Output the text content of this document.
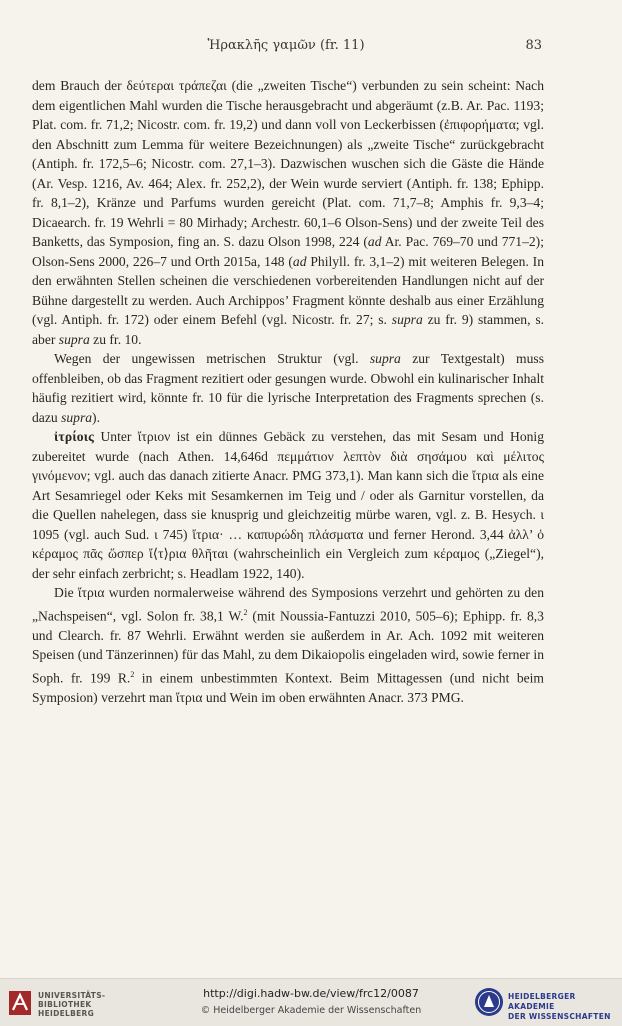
Ἡρακλῆς γαμῶν (fr. 11)	83

dem Brauch der δεύτεραι τράπεζαι (die „zweiten Tische“) verbunden zu sein scheint: Nach dem eigentlichen Mahl wurden die Tische herausgebracht und abgeräumt (z.B. Ar. Pac. 1193; Plat. com. fr. 71,2; Nicostr. com. fr. 19,2) und dann voll von Leckerbissen (ἐπιφορήματα; vgl. den Abschnitt zum Lemma für weitere Bezeichnungen) als „zweite Tische“ zurückgebracht (Antiph. fr. 172,5–6; Nicostr. com. 27,1–3). Dazwischen wuschen sich die Gäste die Hände (Ar. Vesp. 1216, Av. 464; Alex. fr. 252,2), der Wein wurde serviert (Antiph. fr. 138; Ephipp. fr. 8,1–2), Kränze und Parfums wurden gereicht (Plat. com. 71,7–8; Amphis fr. 9,3–4; Dicaearch. fr. 19 Wehrli = 80 Mirhady; Archestr. 60,1–6 Olson-Sens) und der zweite Teil des Banketts, das Symposion, fing an. S. dazu Olson 1998, 224 (ad Ar. Pac. 769–70 und 771–2); Olson-Sens 2000, 226–7 und Orth 2015a, 148 (ad Philyll. fr. 3,1–2) mit weiteren Belegen. In den erwähnten Stellen scheinen die verschiedenen vorbereitenden Handlungen nicht auf der Bühne dargestellt zu werden. Auch Archippos’ Fragment könnte deshalb aus einer Erzählung (vgl. Antiph. fr. 172) oder einem Befehl (vgl. Nicostr. fr. 27; s. supra zu fr. 9) stammen, s. aber supra zu fr. 10.

Wegen der ungewissen metrischen Struktur (vgl. supra zur Textgestalt) muss offenbleiben, ob das Fragment rezitiert oder gesungen wurde. Obwohl ein kulinarischer Inhalt häufig rezitiert wird, könnte fr. 10 für die lyrische Interpretation des Fragments sprechen (s. dazu supra).

ἰτρίοις Unter ἴτριον ist ein dünnes Gebäck zu verstehen, das mit Sesam und Honig zubereitet wurde (nach Athen. 14,646d πεμμάτιον λεπτὸν διὰ σησάμου καὶ μέλιτος γινόμενον; vgl. auch das danach zitierte Anacr. PMG 373,1). Man kann sich die ἴτρια als eine Art Sesamriegel oder Keks mit Sesamkernen im Teig und / oder als Garnitur vorstellen, da die Quellen nahelegen, dass sie knusprig und gleichzeitig mürbe waren, vgl. z. B. Hesych. ι 1095 (vgl. auch Sud. ι 745) ἴτρια· … καπυρώδη πλάσματα und ferner Herond. 3,44 ἀλλ’ ὁ κέραμος πᾶς ὥσπερ ἴ⟨τ⟩ρια θλῆται (wahrscheinlich ein Vergleich zum κέραμος („Ziegel“), der sehr einfach zerbricht; s. Headlam 1922, 140).

Die ἴτρια wurden normalerweise während des Symposions verzehrt und gehörten zu den „Nachspeisen“, vgl. Solon fr. 38,1 W.$^2$ (mit Noussia-Fantuzzi 2010, 505–6); Ephipp. fr. 8,3 und Clearch. fr. 87 Wehrli. Erwähnt werden sie außerdem in Ar. Ach. 1092 mit weiteren Speisen (und Tänzerinnen) für das Mahl, zu dem Dikaiopolis eingeladen wird, sowie ferner in Soph. fr. 199 R.$^2$ in einem unbestimmten Kontext. Beim Mittagessen (und nicht beim Symposion) verzehrt man ἴτρια und Wein im oben erwähnten Anacr. 373 PMG.

UNIVERSITÄTS-
BIBLIOTHEK
HEIDELBERG
http://digi.hadw-bw.de/view/frc12/0087
© Heidelberger Akademie der Wissenschaften
HEIDELBERGER AKADEMIE
DER WISSENSCHAFTEN
